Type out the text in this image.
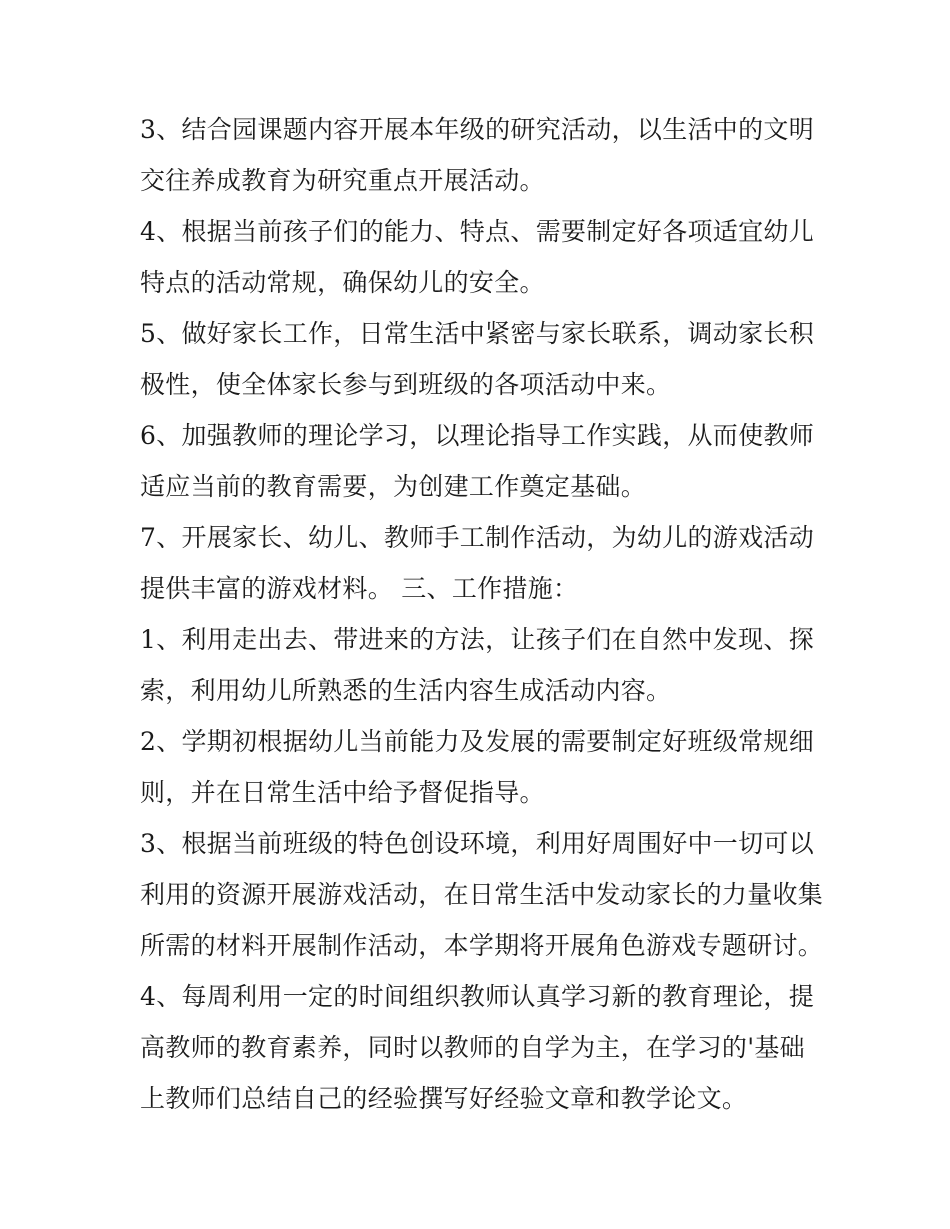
3、结合园课题内容开展本年级的研究活动，以生活中的文明
交往养成教育为研究重点开展活动。
4、根据当前孩子们的能力、特点、需要制定好各项适宜幼儿
特点的活动常规，确保幼儿的安全。
5、做好家长工作，日常生活中紧密与家长联系，调动家长积
极性，使全体家长参与到班级的各项活动中来。
6、加强教师的理论学习，以理论指导工作实践，从而使教师
适应当前的教育需要，为创建工作奠定基础。
7、开展家长、幼儿、教师手工制作活动，为幼儿的游戏活动
提供丰富的游戏材料。 三、工作措施：
1、利用走出去、带进来的方法，让孩子们在自然中发现、探
索，利用幼儿所熟悉的生活内容生成活动内容。
2、学期初根据幼儿当前能力及发展的需要制定好班级常规细
则，并在日常生活中给予督促指导。
3、根据当前班级的特色创设环境，利用好周围好中一切可以
利用的资源开展游戏活动，在日常生活中发动家长的力量收集
所需的材料开展制作活动，本学期将开展角色游戏专题研讨。
4、每周利用一定的时间组织教师认真学习新的教育理论，提
高教师的教育素养，同时以教师的自学为主，在学习的'基础
上教师们总结自己的经验撰写好经验文章和教学论文。
